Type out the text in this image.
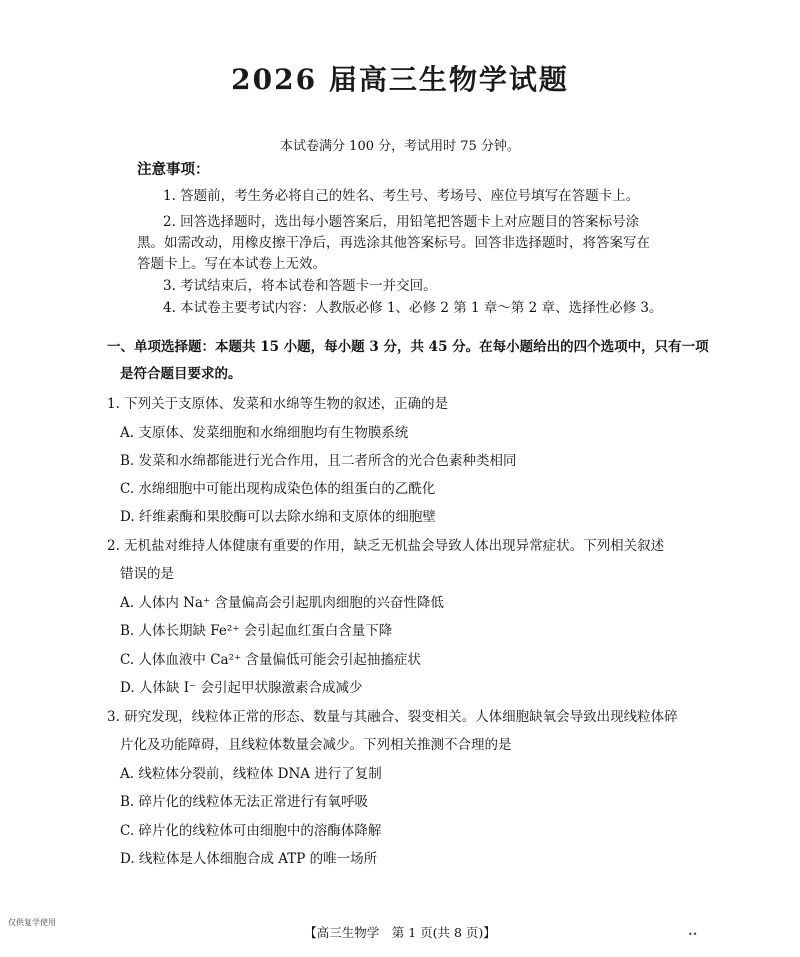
2026 届高三生物学试题
本试卷满分 100 分，考试用时 75 分钟。
注意事项：
1. 答题前，考生务必将自己的姓名、考生号、考场号、座位号填写在答题卡上。
2. 回答选择题时，选出每小题答案后，用铅笔把答题卡上对应题目的答案标号涂
黑。如需改动，用橡皮擦干净后，再选涂其他答案标号。回答非选择题时，将答案写在
答题卡上。写在本试卷上无效。
3. 考试结束后，将本试卷和答题卡一并交回。
4. 本试卷主要考试内容：人教版必修 1、必修 2 第 1 章～第 2 章、选择性必修 3。
一、单项选择题：本题共 15 小题，每小题 3 分，共 45 分。在每小题给出的四个选项中，只有一项
是符合题目要求的。
1. 下列关于支原体、发菜和水绵等生物的叙述，正确的是
A. 支原体、发菜细胞和水绵细胞均有生物膜系统
B. 发菜和水绵都能进行光合作用，且二者所含的光合色素种类相同
C. 水绵细胞中可能出现构成染色体的组蛋白的乙酰化
D. 纤维素酶和果胶酶可以去除水绵和支原体的细胞壁
2. 无机盐对维持人体健康有重要的作用，缺乏无机盐会导致人体出现异常症状。下列相关叙述
错误的是
A. 人体内 Na⁺ 含量偏高会引起肌肉细胞的兴奋性降低
B. 人体长期缺 Fe²⁺ 会引起血红蛋白含量下降
C. 人体血液中 Ca²⁺ 含量偏低可能会引起抽搐症状
D. 人体缺 I⁻ 会引起甲状腺激素合成减少
3. 研究发现，线粒体正常的形态、数量与其融合、裂变相关。人体细胞缺氧会导致出现线粒体碎
片化及功能障碍，且线粒体数量会减少。下列相关推测不合理的是
A. 线粒体分裂前，线粒体 DNA 进行了复制
B. 碎片化的线粒体无法正常进行有氧呼吸
C. 碎片化的线粒体可由细胞中的溶酶体降解
D. 线粒体是人体细胞合成 ATP 的唯一场所
仅供复学使用
【高三生物学　第 1 页(共 8 页)】	••
